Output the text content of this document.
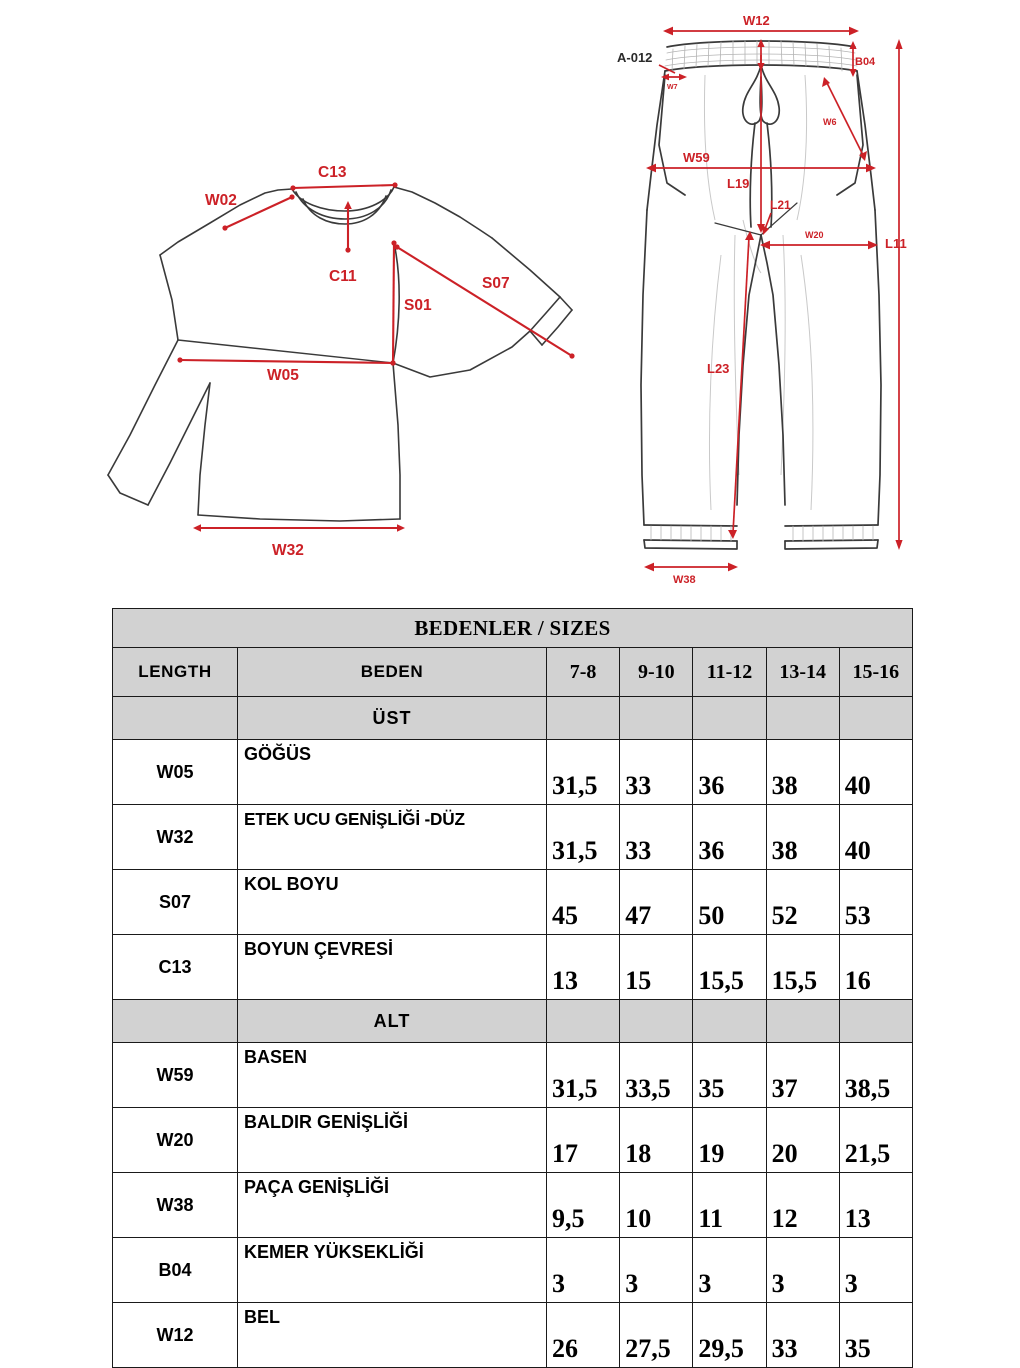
W02
C13
C11
S01
S07
W05
W32
W12
A-012	B04
W7
W6
W59
L19
L21
W20
L11
L23
W38
BEDENLER / SIZES						
LENGTH	BEDEN	7-8	9-10	11-12	13-14	15-16
	ÜST					
W05	GÖĞÜS	31,5	33	36	38	40
W32	ETEK UCU GENİŞLİĞİ -DÜZ	31,5	33	36	38	40
S07	KOL BOYU	45	47	50	52	53
C13	BOYUN ÇEVRESİ	13	15	15,5	15,5	16
	ALT					
W59	BASEN	31,5	33,5	35	37	38,5
W20	BALDIR GENİŞLİĞİ	17	18	19	20	21,5
W38	PAÇA GENİŞLİĞİ	9,5	10	11	12	13
B04	KEMER YÜKSEKLİĞİ	3	3	3	3	3
W12	BEL	26	27,5	29,5	33	35
